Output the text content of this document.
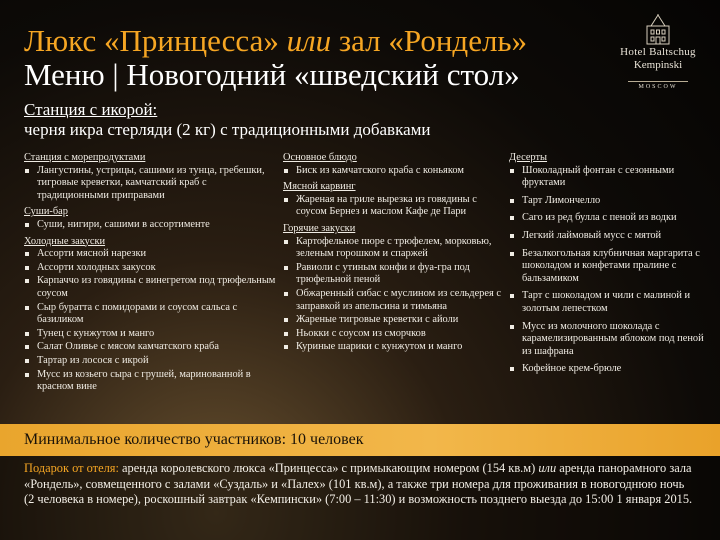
Люкс «Принцесса» или зал «Рондель»
Меню | Новогодний «шведский стол»
Hotel Baltschug
Kempinski
MOSCOW
Станция с икорой:
черня икра стерляди (2 кг) с традиционными добавками
Станция с морепродуктами
Лангустины, устрицы, сашими из тунца, гребешки, тигровые креветки, камчатский краб с традиционными приправами
Суши-бар
Суши, нигири, сашими в ассортименте
Холодные закуски
Ассорти мясной нарезки
Ассорти холодных закусок
Карпаччо из говядины с винегретом под трюфельным соусом
Сыр буратта с помидорами и соусом сальса с базиликом
Тунец с кунжутом и манго
Салат Оливье с мясом камчатского краба
Тартар из лосося с икрой
Мусс из козьего сыра с грушей, маринованной в красном вине
Основное блюдо
Биск из камчатского краба с коньяком
Мясной карвинг
Жареная на гриле вырезка из говядины с соусом Бернез и маслом Кафе де Пари
Горячие закуски
Картофельное пюре с трюфелем, морковью, зеленым горошком и спаржей
Равиоли с утиным конфи и фуа-гра под трюфельной пеной
Обжаренный сибас с муслином из сельдерея с заправкой из апельсина и тимьяна
Жареные тигровые креветки с айоли
Ньокки с соусом из сморчков
Куриные шарики с кунжутом и манго
Десерты
Шоколадный фонтан с сезонными фруктами
Тарт Лимончелло
Саго из ред булла с пеной из водки
Легкий лаймовый мусс с мятой
Безалкогольная клубничная маргарита с шоколадом и конфетами пралине с бальзамиком
Тарт с шоколадом и чили с малиной и золотым лепестком
Мусс из молочного шоколада с карамелизированным яблоком под пеной из шафрана
Кофейное крем-брюле
Минимальное количество участников: 10 человек

Подарок от отеля: аренда королевского люкса «Принцесса» с примыкающим номером (154 кв.м) или аренда панорамного зала «Рондель», совмещенного с залами «Суздаль» и «Палех» (101 кв.м), а также три номера для проживания в новогоднюю ночь (2 человека в номере), роскошный завтрак «Кемпински» (7:00 – 11:30) и возможность позднего выезда до 15:00 1 января 2015.
